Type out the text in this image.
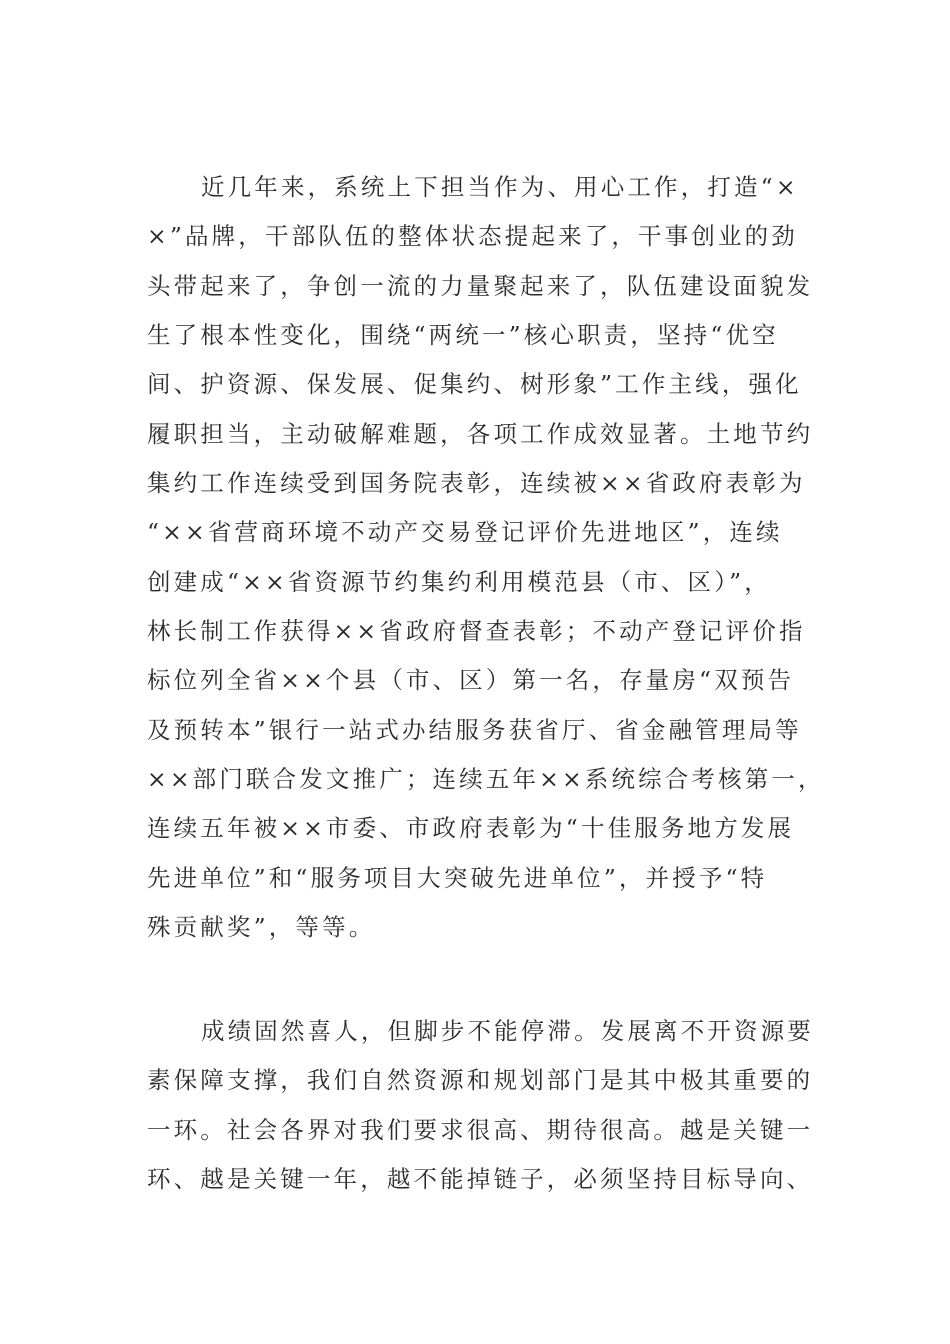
近几年来，系统上下担当作为、用心工作，打造“×
×”品牌，干部队伍的整体状态提起来了，干事创业的劲
头带起来了，争创一流的力量聚起来了，队伍建设面貌发
生了根本性变化，围绕“两统一”核心职责，坚持“优空
间、护资源、保发展、促集约、树形象”工作主线，强化
履职担当，主动破解难题，各项工作成效显著。土地节约
集约工作连续受到国务院表彰，连续被××省政府表彰为
“××省营商环境不动产交易登记评价先进地区”，连续
创建成“××省资源节约集约利用模范县（市、区）”，
林长制工作获得××省政府督查表彰；不动产登记评价指
标位列全省××个县（市、区）第一名，存量房“双预告
及预转本”银行一站式办结服务获省厅、省金融管理局等
××部门联合发文推广；连续五年××系统综合考核第一，
连续五年被××市委、市政府表彰为“十佳服务地方发展
先进单位”和“服务项目大突破先进单位”，并授予“特
殊贡献奖”，等等。
成绩固然喜人，但脚步不能停滞。发展离不开资源要
素保障支撑，我们自然资源和规划部门是其中极其重要的
一环。社会各界对我们要求很高、期待很高。越是关键一
环、越是关键一年，越不能掉链子，必须坚持目标导向、
